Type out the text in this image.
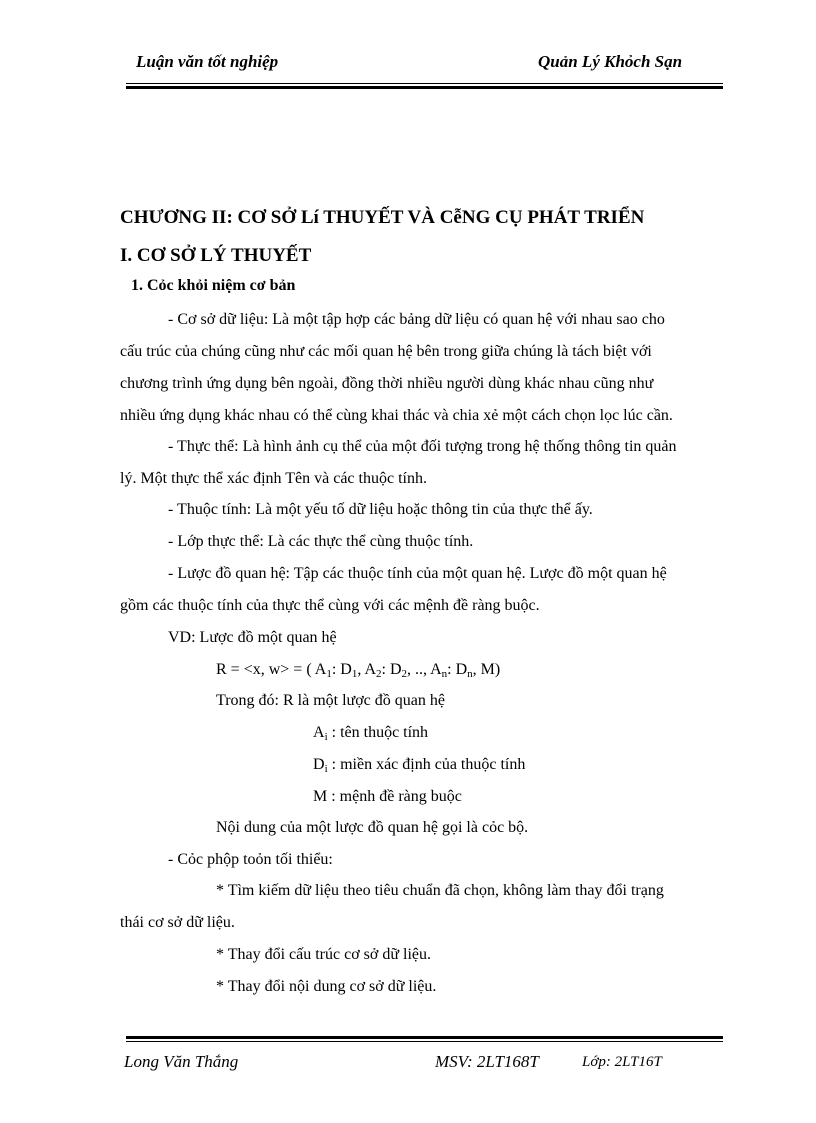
Luận văn tốt nghiệp	Quản Lý Khỏch Sạn
CHƯƠNG II: CƠ SỞ Lí THUYẾT VÀ CễNG CỤ PHÁT TRIỂN
I. CƠ SỞ LÝ THUYẾT
1. Cỏc khỏi niệm cơ bản
- Cơ sở dữ liệu: Là một tập hợp các bảng dữ liệu có quan hệ với nhau sao cho
cấu trúc của chúng cũng như các mối quan hệ bên trong giữa chúng là tách biệt với
chương trình ứng dụng bên ngoài, đồng thời nhiều người dùng khác nhau cũng như
nhiều ứng dụng khác nhau có thể cùng khai thác và chia xẻ một cách chọn lọc lúc cần.
- Thực thể: Là hình ảnh cụ thể của một đối tượng trong hệ thống thông tin quản
lý. Một thực thể xác định Tên và các thuộc tính.
- Thuộc tính: Là một yếu tố dữ liệu hoặc thông tin của thực thể ấy.
- Lớp thực thể: Là các thực thể cùng thuộc tính.
- Lược đồ quan hệ: Tập các thuộc tính của một quan hệ. Lược đồ một quan hệ
gồm các thuộc tính của thực thể cùng với các mệnh đề ràng buộc.
VD: Lược đồ một quan hệ
R = <x, w> = ( $A_1$: $D_1$, $A_2$: $D_2$, .., $A_n$: $D_n$, M)
Trong đó: R là một lược đồ quan hệ
$A_i$ : tên thuộc tính
$D_i$ : miền xác định của thuộc tính
M : mệnh đề ràng buộc
Nội dung của một lược đồ quan hệ gọi là cỏc bộ.
- Cỏc phộp toỏn tối thiểu:
* Tìm kiếm dữ liệu theo tiêu chuẩn đã chọn, không làm thay đổi trạng
thái cơ sở dữ liệu.
* Thay đổi cấu trúc cơ sở dữ liệu.
* Thay đổi nội dung cơ sở dữ liệu.
Long Văn Thắng	MSV: 2LT168T	Lớp: 2LT16T
